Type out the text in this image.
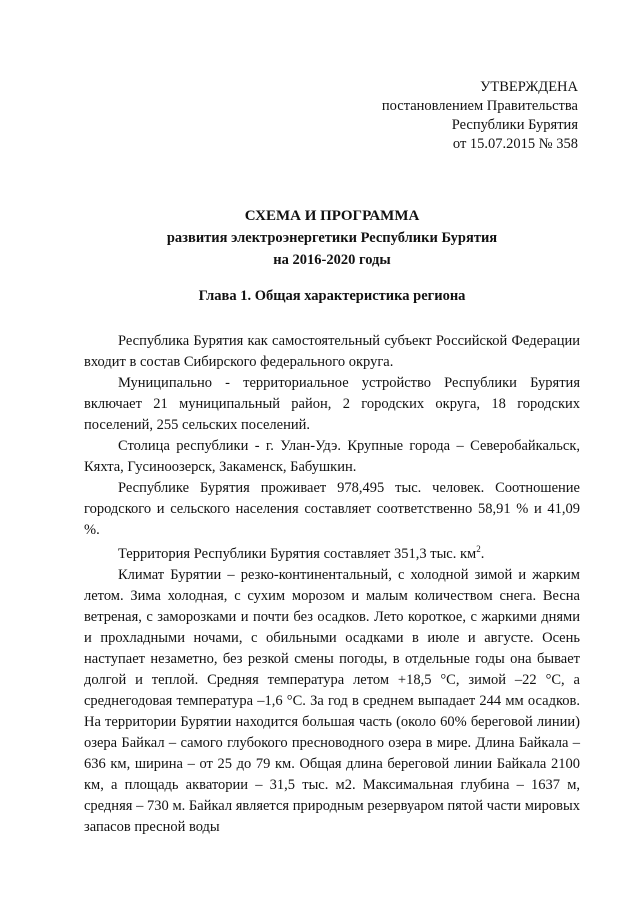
УТВЕРЖДЕНА
постановлением Правительства
Республики Бурятия
от 15.07.2015 № 358
СХЕМА И ПРОГРАММА
развития электроэнергетики Республики Бурятия
на 2016-2020 годы
Глава 1. Общая характеристика региона

Республика Бурятия как самостоятельный субъект Российской Федерации входит в состав Сибирского федерального округа.

Муниципально - территориальное устройство Республики Бурятия включает 21 муниципальный район, 2 городских округа, 18 городских поселений, 255 сельских поселений.

Столица республики - г. Улан-Удэ. Крупные города – Северобайкальск, Кяхта, Гусиноозерск, Закаменск, Бабушкин.

Республике Бурятия проживает 978,495 тыс. человек. Соотношение городского и сельского населения составляет соответственно 58,91 % и 41,09 %.

Территория Республики Бурятия составляет 351,3 тыс. $км^2$.

Климат Бурятии – резко-континентальный, с холодной зимой и жарким летом. Зима холодная, с сухим морозом и малым количеством снега. Весна ветреная, с заморозками и почти без осадков. Лето короткое, с жаркими днями и прохладными ночами, с обильными осадками в июле и августе. Осень наступает незаметно, без резкой смены погоды, в отдельные годы она бывает долгой и теплой. Средняя температура летом +18,5 °С, зимой –22 °С, а среднегодовая температура –1,6 °С. За год в среднем выпадает 244 мм осадков. На территории Бурятии находится большая часть (около 60% береговой линии) озера Байкал – самого глубокого пресноводного озера в мире. Длина Байкала – 636 км, ширина – от 25 до 79 км. Общая длина береговой линии Байкала 2100 км, а площадь акватории – 31,5 тыс. м2. Максимальная глубина – 1637 м, средняя – 730 м. Байкал является природным резервуаром пятой части мировых запасов пресной воды
